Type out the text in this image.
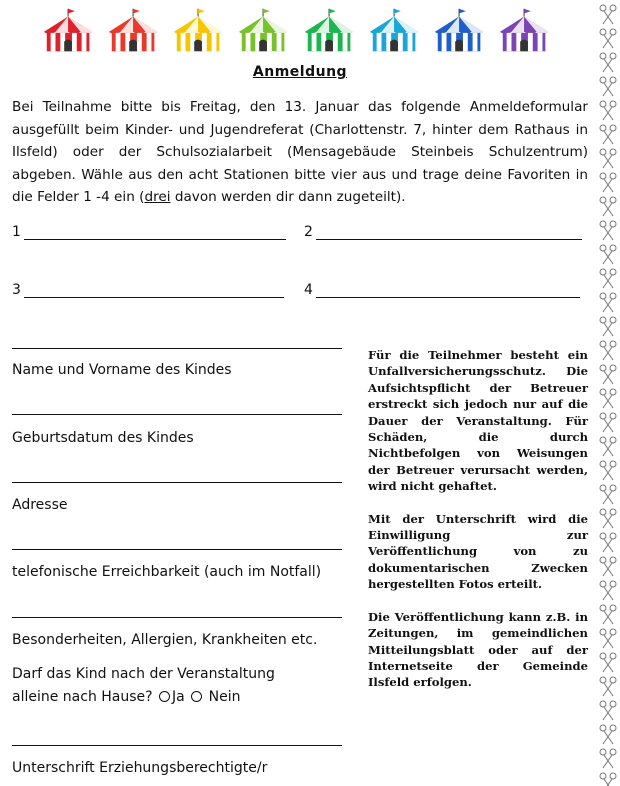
Anmeldung
Bei Teilnahme bitte bis Freitag, den 13. Januar das folgende Anmeldeformular ausgefüllt beim Kinder- und Jugendreferat (Charlottenstr. 7, hinter dem Rathaus in Ilsfeld) oder der Schulsozialarbeit (Mensagebäude Steinbeis Schulzentrum) abgeben. Wähle aus den acht Stationen bitte vier aus und trage deine Favoriten in die Felder 1 -4 ein (drei davon werden dir dann zugeteilt).
1	2
3	4
Name und Vorname des Kindes
Geburtsdatum des Kindes
Adresse
telefonische Erreichbarkeit (auch im Notfall)
Besonderheiten, Allergien, Krankheiten etc.
Darf das Kind nach der Veranstaltung
alleine nach Hause? Ja Nein
Unterschrift Erziehungsberechtigte/r

Für die Teilnehmer besteht ein Unfallversicherungsschutz. Die Aufsichtspflicht der Betreuer erstreckt sich jedoch nur auf die Dauer der Veranstaltung. Für Schäden, die durch Nichtbefolgen von Weisungen der Betreuer verursacht werden, wird nicht gehaftet.

Mit der Unterschrift wird die Einwilligung zur Veröffentlichung von zu dokumentarischen Zwecken hergestellten Fotos erteilt.

Die Veröffentlichung kann z.B. in Zeitungen, im gemeindlichen Mitteilungsblatt oder auf der Internetseite der Gemeinde Ilsfeld erfolgen.
